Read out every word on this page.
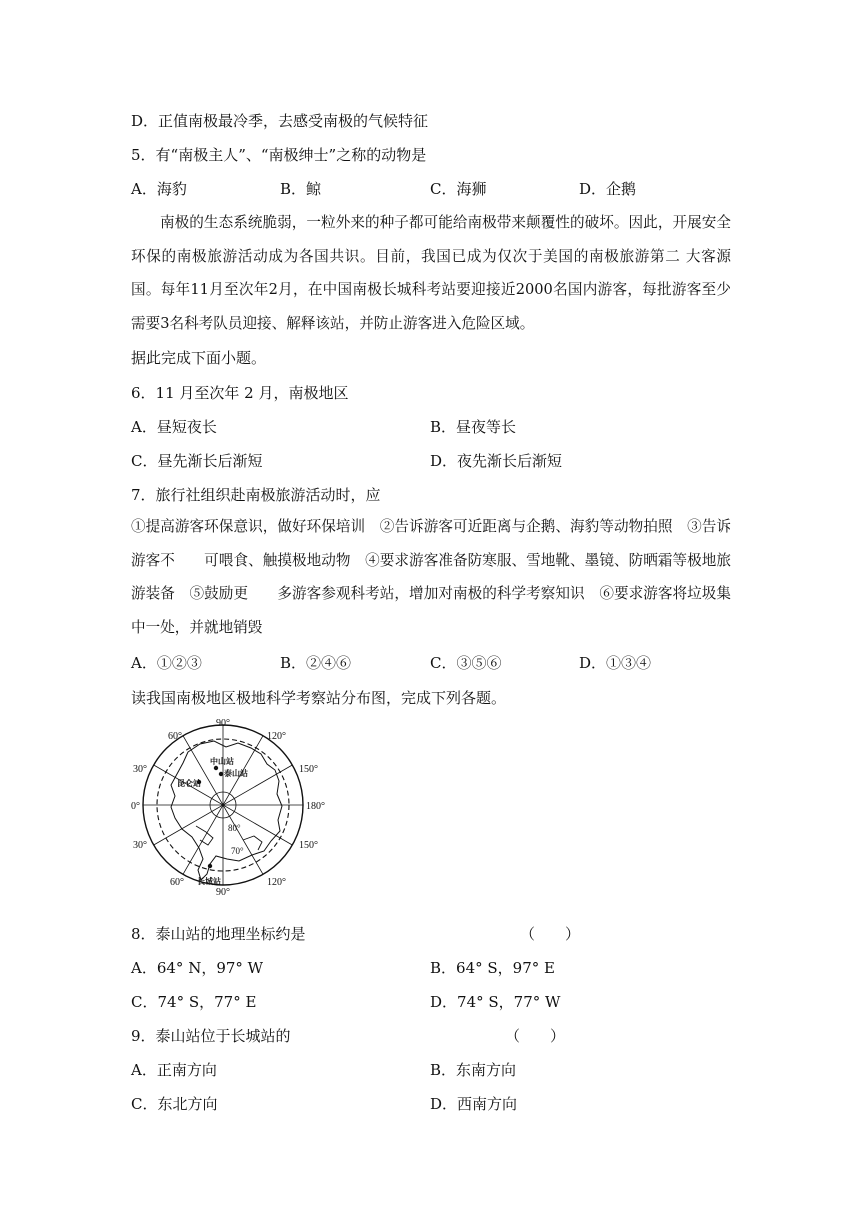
D．正值南极最冷季，去感受南极的气候特征
5．有“南极主人”、“南极绅士”之称的动物是
A．海豹	B．鲸	C．海狮	D．企鹅
南极的生态系统脆弱，一粒外来的种子都可能给南极带来颠覆性的破坏。因此，开展安全环保的南极旅游活动成为各国共识。目前，我国已成为仅次于美国的南极旅游第二 大客源国。每年11月至次年2月，在中国南极长城科考站要迎接近2000名国内游客，每批游客至少需要3名科考队员迎接、解释该站，并防止游客进入危险区域。
据此完成下面小题。
6．11 月至次年 2 月，南极地区
A．昼短夜长	B．昼夜等长
C．昼先渐长后渐短	D．夜先渐长后渐短
7．旅行社组织赴南极旅游活动时，应
①提高游客环保意识，做好环保培训　②告诉游客可近距离与企鹅、海豹等动物拍照　③告诉游客不　　可喂食、触摸极地动物　④要求游客准备防寒服、雪地靴、墨镜、防晒霜等极地旅游装备　⑤鼓励更　　多游客参观科考站，增加对南极的科学考察知识　⑥要求游客将垃圾集中一处，并就地销毁
A．①②③	B．②④⑥	C．③⑤⑥	D．①③④
读我国南极地区极地科学考察站分布图，完成下列各题。
90°
60°	120°
30°	150°
0°	180°
30°	150°
60°	120°
90°
80°
70°
中山站
泰山站
昆仑站
长城站
8．泰山站的地理坐标约是	（　　）
A．64° N，97° W	B．64° S，97° E
C．74° S，77° E	D．74° S，77° W
9．泰山站位于长城站的	（　　）
A．正南方向	B．东南方向
C．东北方向	D．西南方向
